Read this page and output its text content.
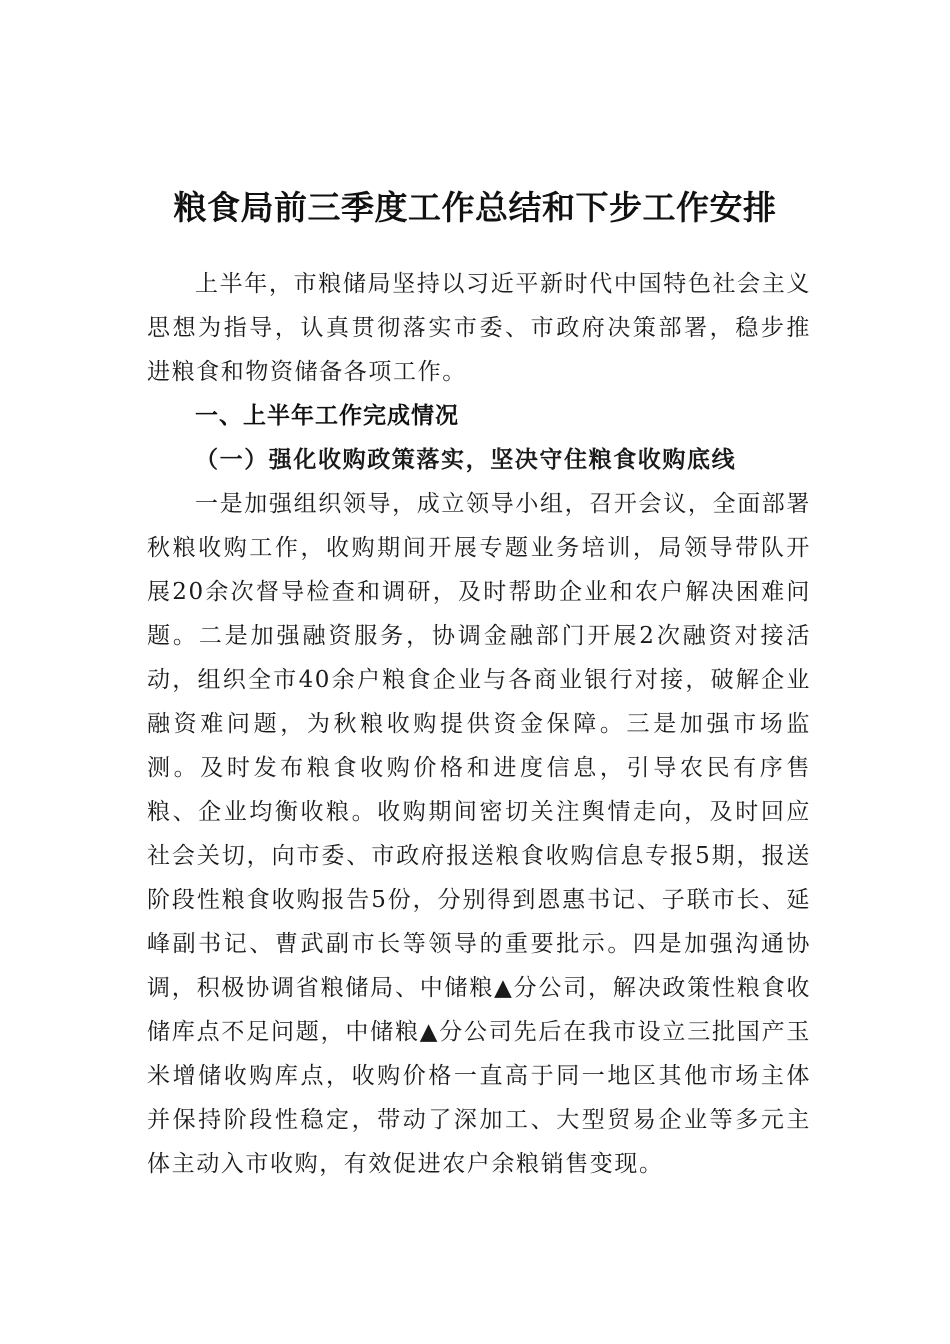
粮食局前三季度工作总结和下步工作安排

上半年，市粮储局坚持以习近平新时代中国特色社会主义思想为指导，认真贯彻落实市委、市政府决策部署，稳步推进粮食和物资储备各项工作。

一、上半年工作完成情况
（一）强化收购政策落实，坚决守住粮食收购底线

一是加强组织领导，成立领导小组，召开会议，全面部署秋粮收购工作，收购期间开展专题业务培训，局领导带队开展20余次督导检查和调研，及时帮助企业和农户解决困难问题。二是加强融资服务，协调金融部门开展2次融资对接活动，组织全市40余户粮食企业与各商业银行对接，破解企业融资难问题，为秋粮收购提供资金保障。三是加强市场监测。及时发布粮食收购价格和进度信息，引导农民有序售粮、企业均衡收粮。收购期间密切关注舆情走向，及时回应社会关切，向市委、市政府报送粮食收购信息专报5期，报送阶段性粮食收购报告5份，分别得到恩惠书记、子联市长、延峰副书记、曹武副市长等领导的重要批示。四是加强沟通协调，积极协调省粮储局、中储粮▲分公司，解决政策性粮食收储库点不足问题，中储粮▲分公司先后在我市设立三批国产玉米增储收购库点，收购价格一直高于同一地区其他市场主体并保持阶段性稳定，带动了深加工、大型贸易企业等多元主体主动入市收购，有效促进农户余粮销售变现。
